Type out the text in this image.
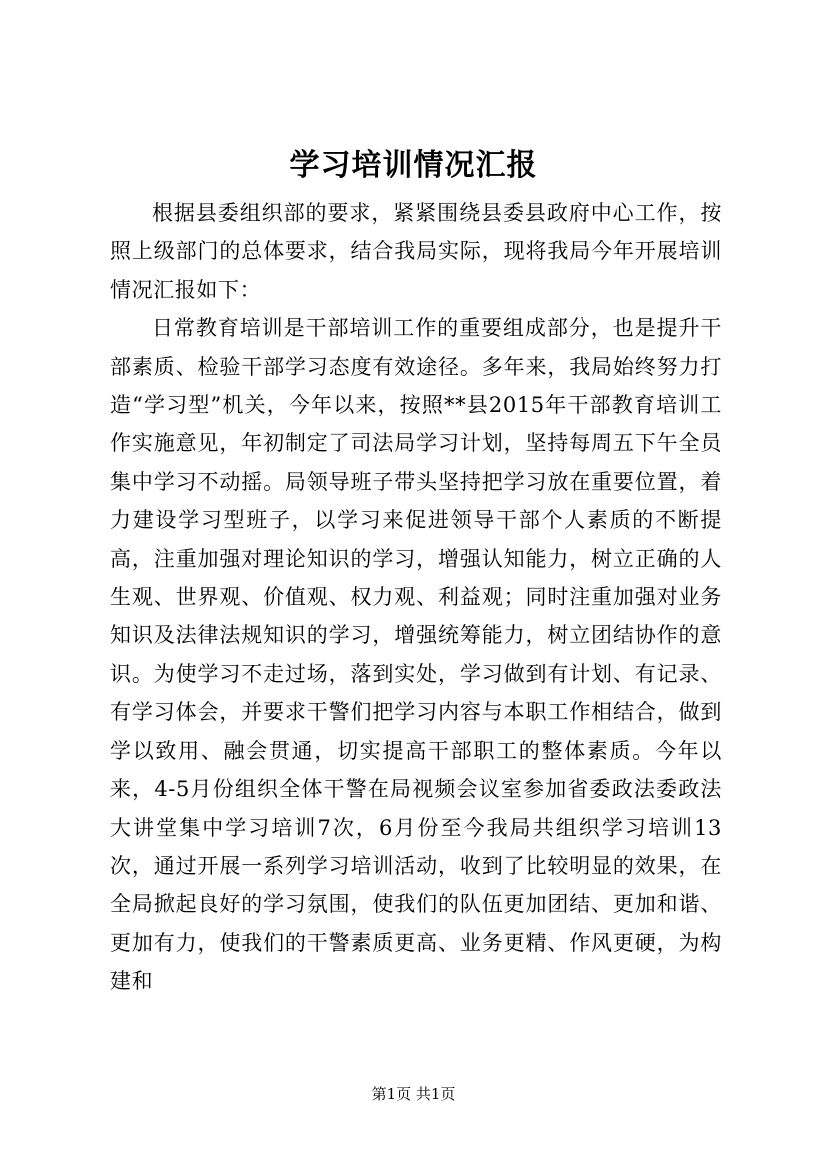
学习培训情况汇报

根据县委组织部的要求，紧紧围绕县委县政府中心工作，按照上级部门的总体要求，结合我局实际，现将我局今年开展培训情况汇报如下：

日常教育培训是干部培训工作的重要组成部分，也是提升干部素质、检验干部学习态度有效途径。多年来，我局始终努力打造“学习型”机关，今年以来，按照**县2015年干部教育培训工作实施意见，年初制定了司法局学习计划，坚持每周五下午全员集中学习不动摇。局领导班子带头坚持把学习放在重要位置，着力建设学习型班子，以学习来促进领导干部个人素质的不断提高，注重加强对理论知识的学习，增强认知能力，树立正确的人生观、世界观、价值观、权力观、利益观；同时注重加强对业务知识及法律法规知识的学习，增强统筹能力，树立团结协作的意识。为使学习不走过场，落到实处，学习做到有计划、有记录、有学习体会，并要求干警们把学习内容与本职工作相结合，做到学以致用、融会贯通，切实提高干部职工的整体素质。今年以来，4-5月份组织全体干警在局视频会议室参加省委政法委政法大讲堂集中学习培训7次，6月份至今我局共组织学习培训13次，通过开展一系列学习培训活动，收到了比较明显的效果，在全局掀起良好的学习氛围，使我们的队伍更加团结、更加和谐、更加有力，使我们的干警素质更高、业务更精、作风更硬，为构建和

第1页 共1页
